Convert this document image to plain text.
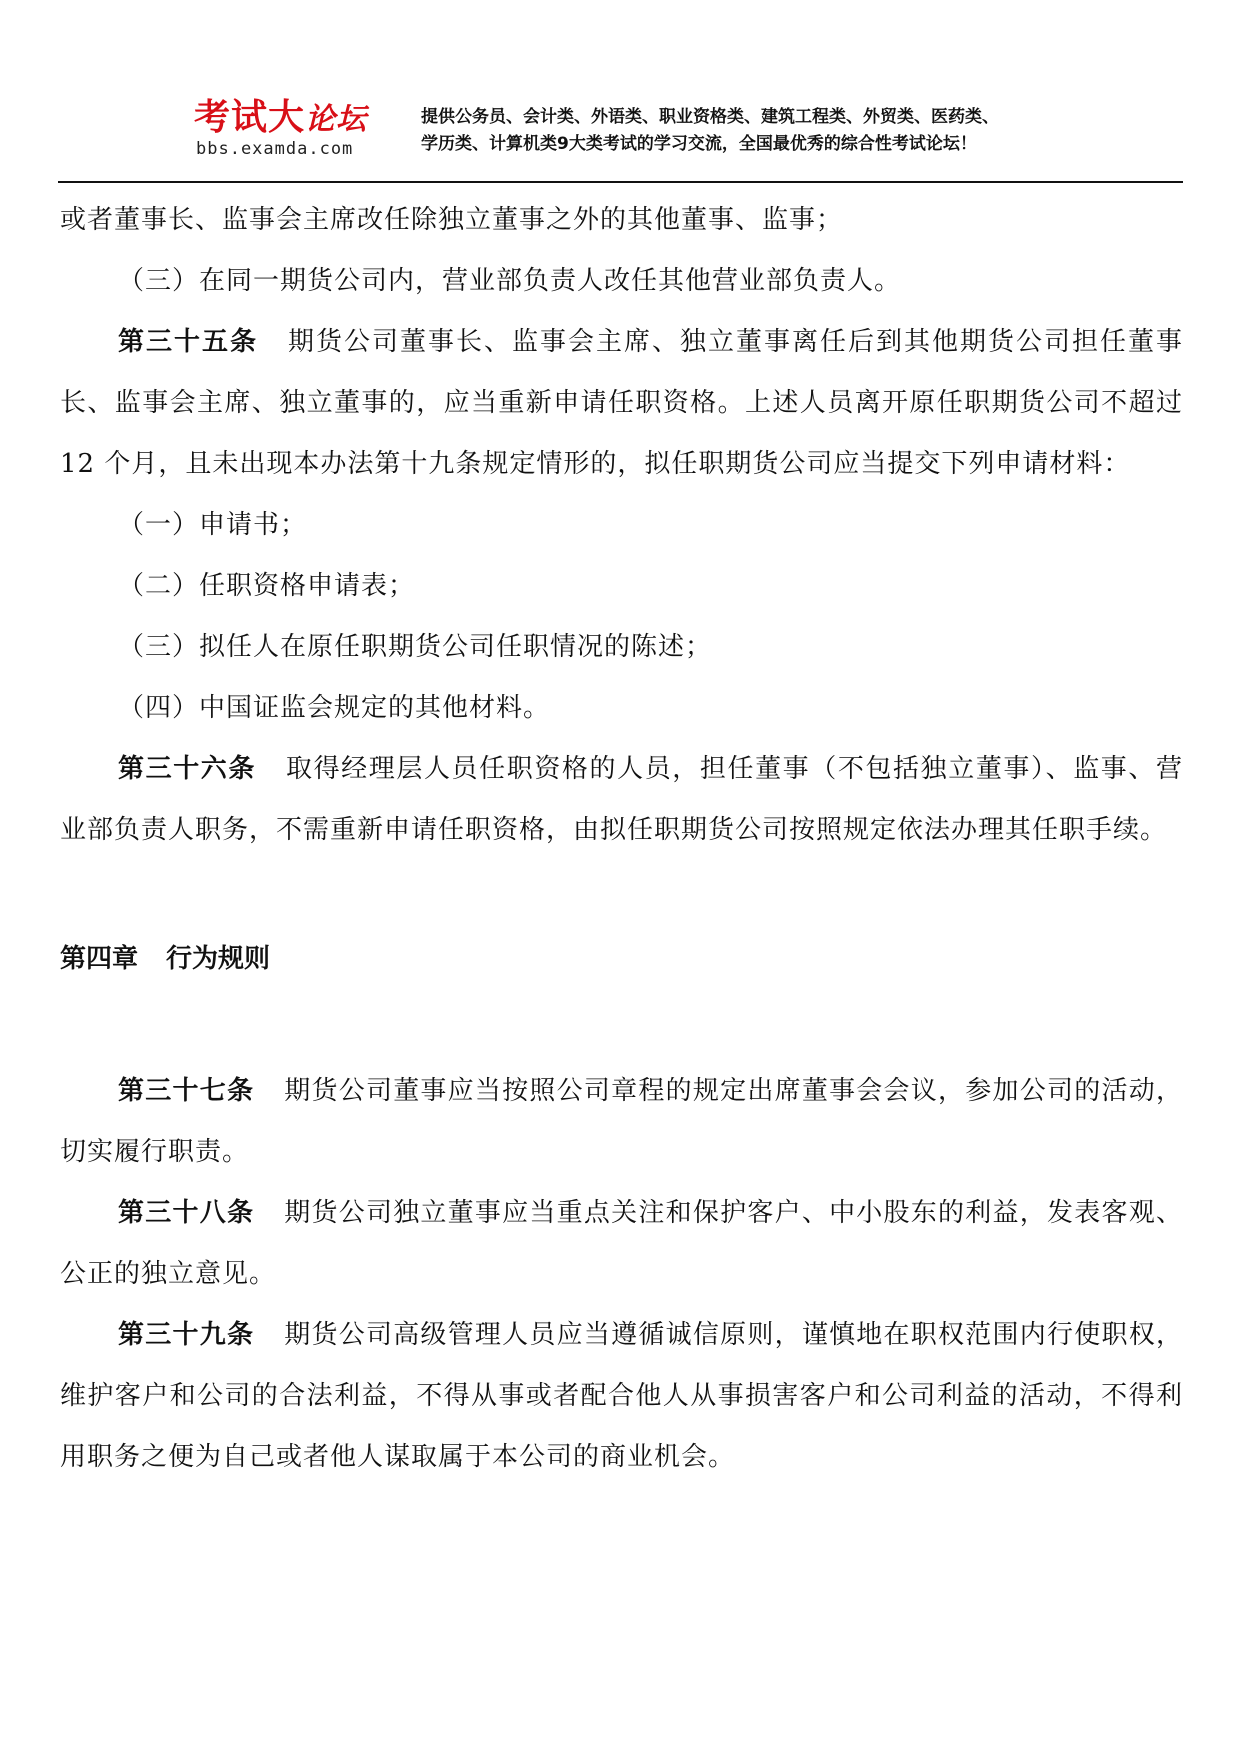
考试大论坛
bbs.examda.com
提供公务员、会计类、外语类、职业资格类、建筑工程类、外贸类、医药类、
学历类、计算机类9大类考试的学习交流，全国最优秀的综合性考试论坛！
或者董事长、监事会主席改任除独立董事之外的其他董事、监事；
（三）在同一期货公司内，营业部负责人改任其他营业部负责人。
第三十五条 期货公司董事长、监事会主席、独立董事离任后到其他期货公司担任董事长、监事会主席、独立董事的，应当重新申请任职资格。上述人员离开原任职期货公司不超过 12 个月，且未出现本办法第十九条规定情形的，拟任职期货公司应当提交下列申请材料：
（一）申请书；
（二）任职资格申请表；
（三）拟任人在原任职期货公司任职情况的陈述；
（四）中国证监会规定的其他材料。
第三十六条 取得经理层人员任职资格的人员，担任董事（不包括独立董事）、监事、营业部负责人职务，不需重新申请任职资格，由拟任职期货公司按照规定依法办理其任职手续。
第四章 行为规则
第三十七条 期货公司董事应当按照公司章程的规定出席董事会会议，参加公司的活动，切实履行职责。
第三十八条 期货公司独立董事应当重点关注和保护客户、中小股东的利益，发表客观、公正的独立意见。
第三十九条 期货公司高级管理人员应当遵循诚信原则，谨慎地在职权范围内行使职权，维护客户和公司的合法利益，不得从事或者配合他人从事损害客户和公司利益的活动，不得利用职务之便为自己或者他人谋取属于本公司的商业机会。
